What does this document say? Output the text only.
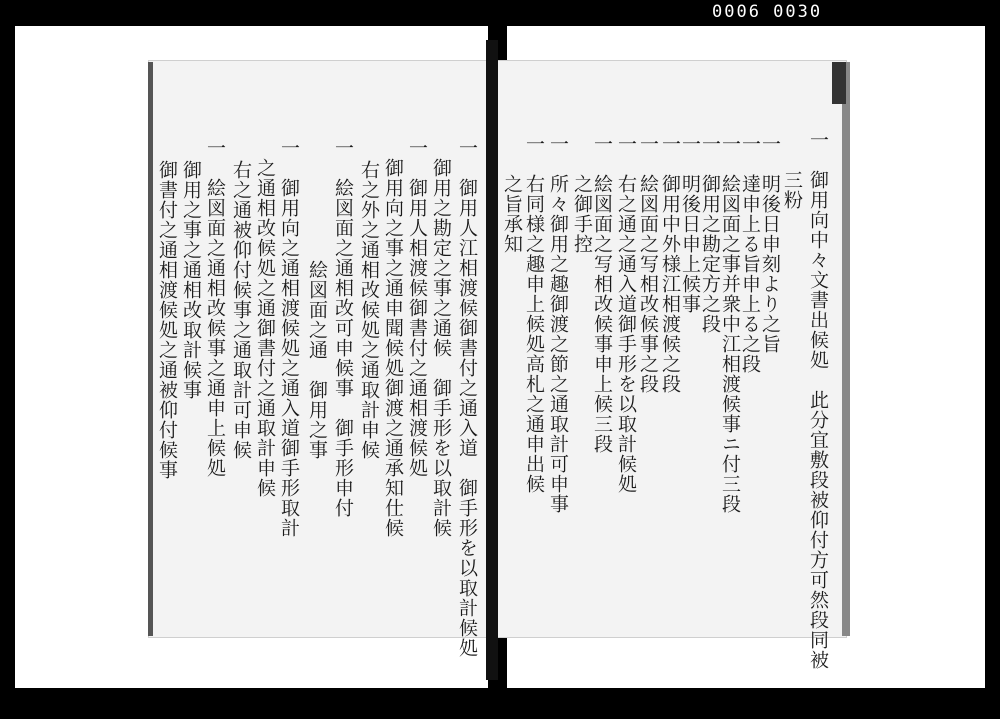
0006 0030
一　御用人江相渡候御書付之通入道　御手形を以取計候処
　御用之勘定之事之通候　御手形を以取計候
一　御用人相渡候御書付之通相渡候処
　御用向之事之通申聞候処御渡之通承知仕候
　右之外之通相改候処之通取計申候
一　絵図面之通相改可申候事　御手形申付
　　絵図面之通　御用之事
一　御用向之通相渡候処之通入道御手形取計
　之通相改候処之通御書付之通取計申候
　右之通被仰付候事之通取計可申候
一　絵図面之通相改候事之通申上候処
　御用之事之通相改取計候事
　御書付之通相渡候処之通被仰付候事	一　御用向中々文書出候処　此分宜敷段被仰付方可然段同被
　　三粉
一　明後日申刻より之旨
一　達申上る旨申上る之段
一　絵図面之事并衆中江相渡候事ニ付三段
一　御用之勘定方之段
一　明後日申上候事
一　御用中外様江相渡候之段
一　絵図面之写相改候事之段
一　右之通之通入道御手形を以取計候処
一　絵図面之写相改候事申上候三段
　　之御手控
一　所々御用之趣御渡之節之通取計可申事
一　右同様之趣申上候処高札之通申出候
　　之旨承知
